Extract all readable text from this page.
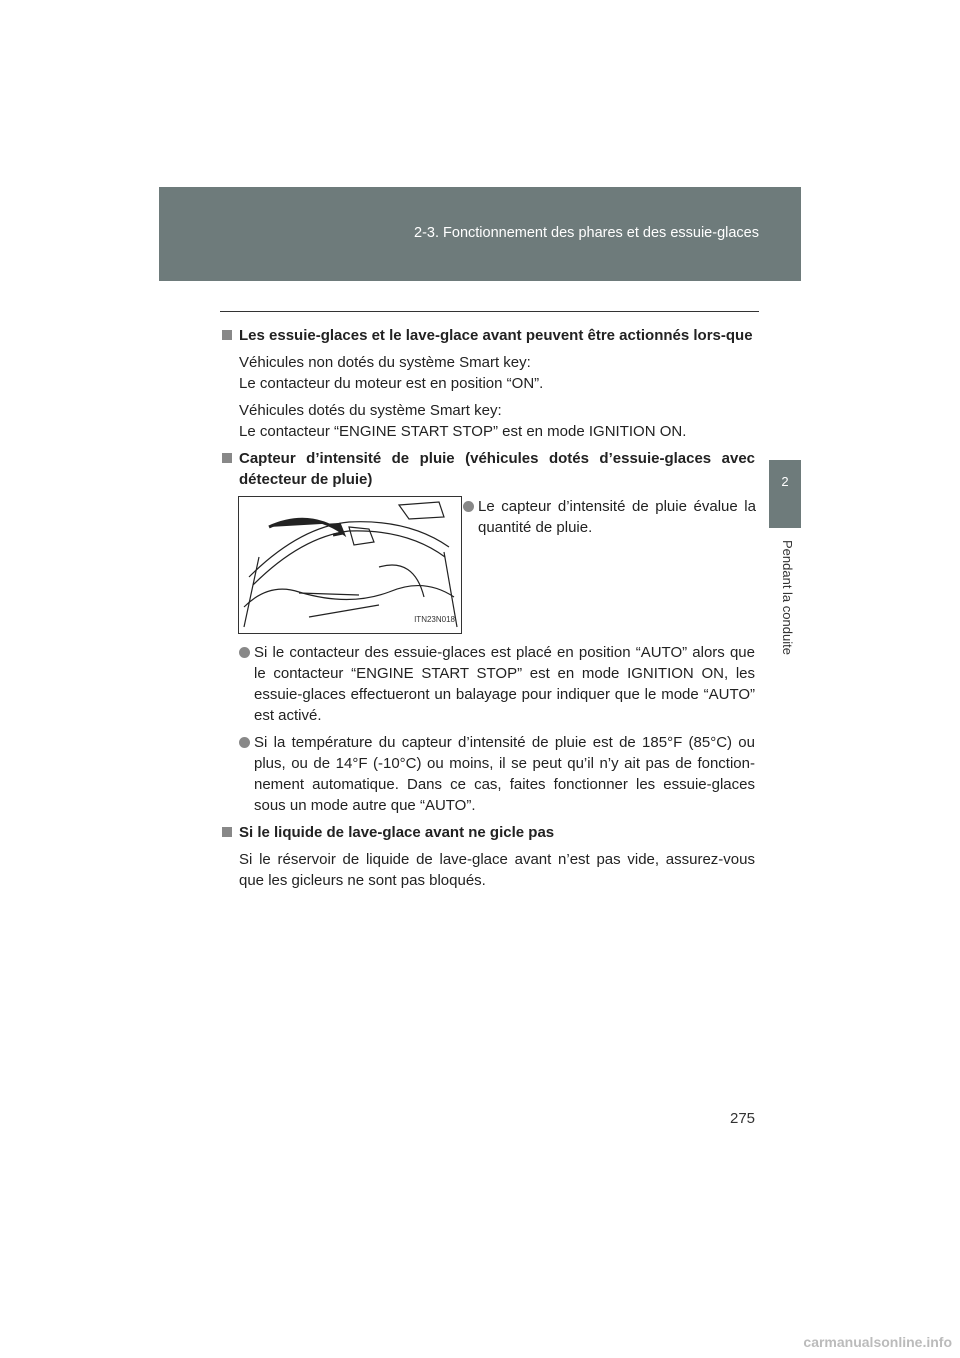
2-3. Fonctionnement des phares et des essuie-glaces
2
Pendant la conduite

Les essuie-glaces et le lave-glace avant peuvent être actionnés lors-que

Véhicules non dotés du système Smart key:
Le contacteur du moteur est en position “ON”.

Véhicules dotés du système Smart key:
Le contacteur “ENGINE START STOP” est en mode IGNITION ON.

Capteur d’intensité de pluie (véhicules dotés d’essuie-glaces avec détecteur de pluie)

ITN23N018

Le capteur d’intensité de pluie évalue la quantité de pluie.

Si le contacteur des essuie-glaces est placé en position “AUTO” alors que le contacteur “ENGINE START STOP” est en mode IGNITION ON, les essuie-glaces effectueront un balayage pour indiquer que le mode “AUTO” est activé.

Si la température du capteur d’intensité de pluie est de 185°F (85°C) ou plus, ou de 14°F (-10°C) ou moins, il se peut qu’il n’y ait pas de fonction-nement automatique. Dans ce cas, faites fonctionner les essuie-glaces sous un mode autre que “AUTO”.

Si le liquide de lave-glace avant ne gicle pas

Si le réservoir de liquide de lave-glace avant n’est pas vide, assurez-vous que les gicleurs ne sont pas bloqués.

275
carmanualsonline.info
